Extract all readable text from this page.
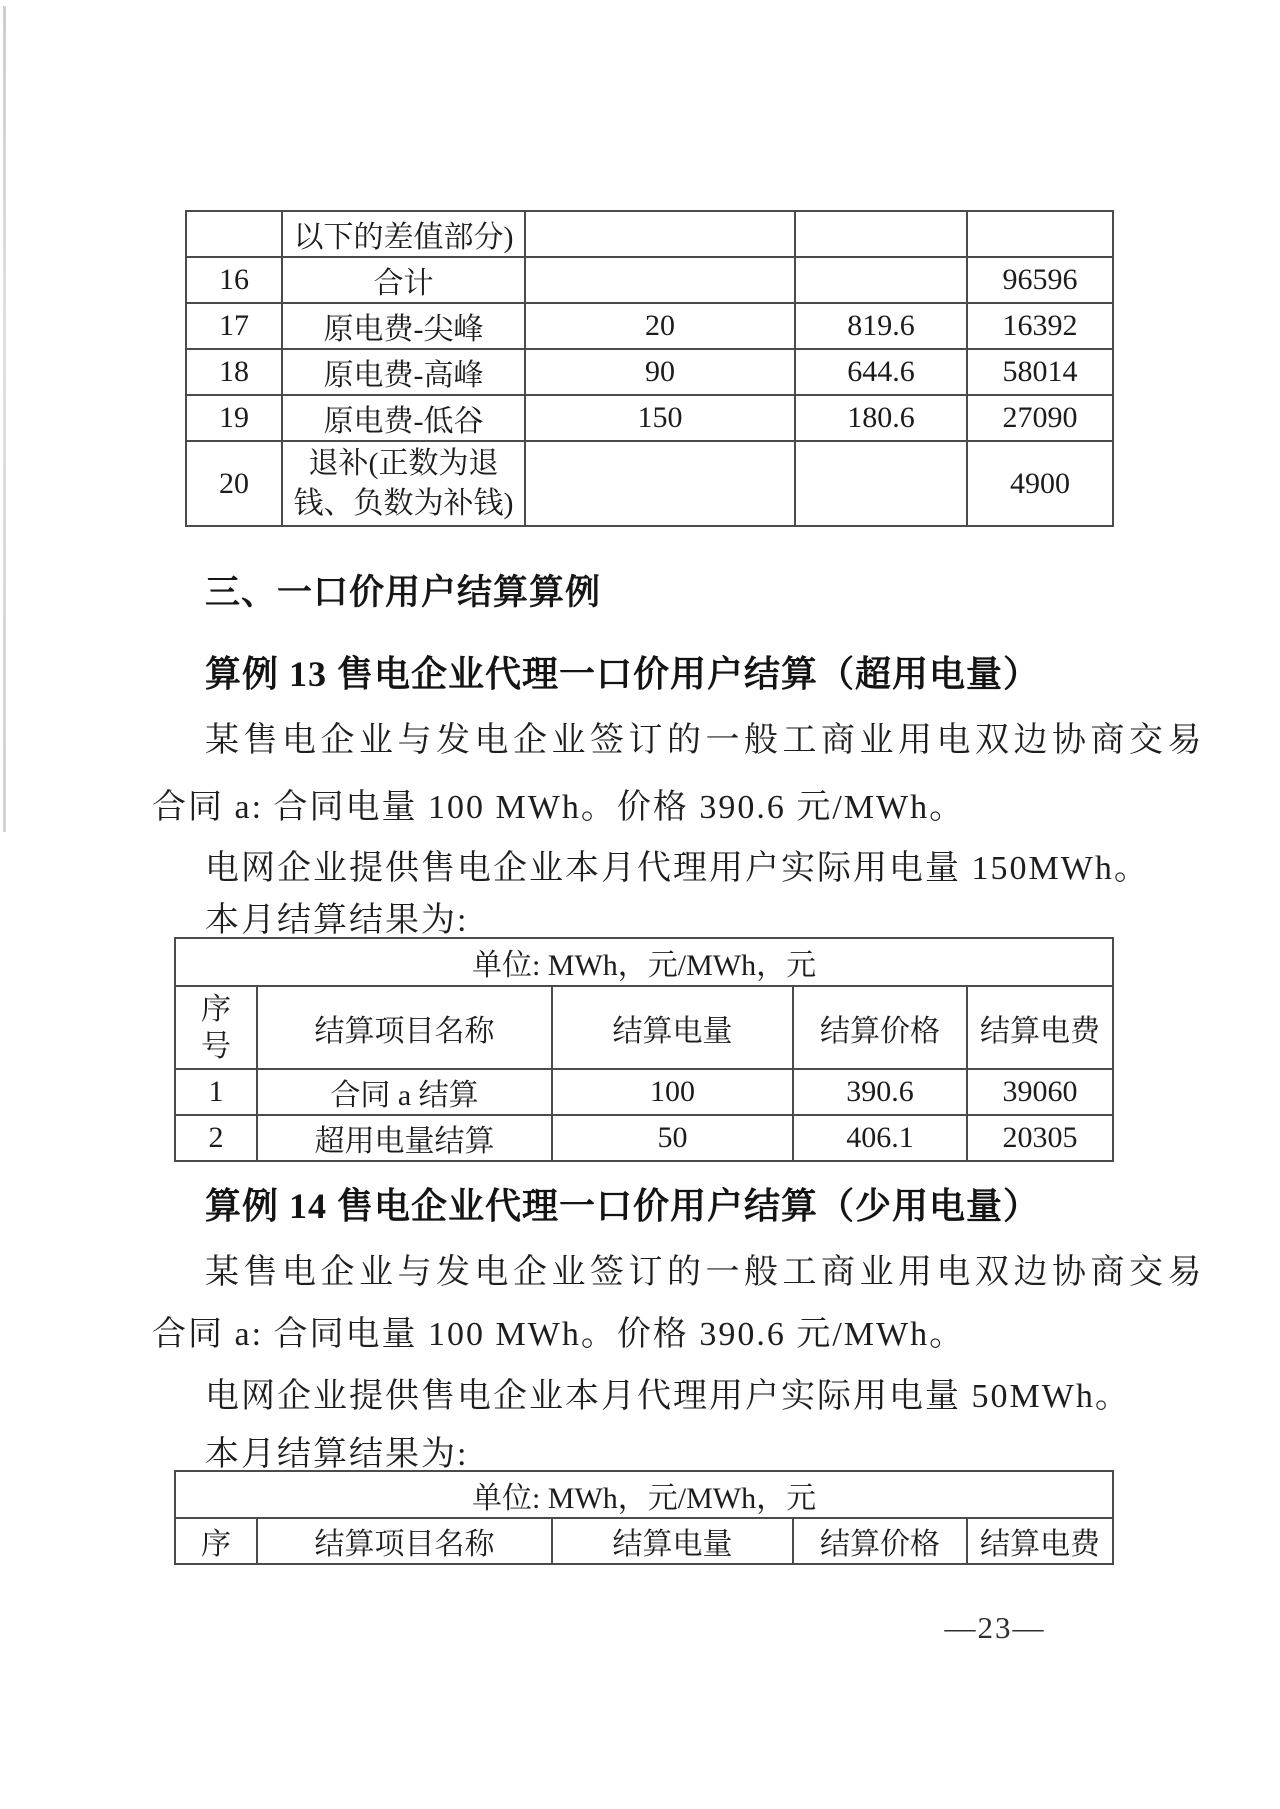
	以下的差值部分)			
16	合计			96596
17	原电费-尖峰	20	819.6	16392
18	原电费-高峰	90	644.6	58014
19	原电费-低谷	150	180.6	27090
20	退补(正数为退
钱、负数为补钱)			4900
三、一口价用户结算算例
算例 13 售电企业代理一口价用户结算（超用电量）
某售电企业与发电企业签订的一般工商业用电双边协商交易
合同 a: 合同电量 100 MWh。价格 390.6 元/MWh。
电网企业提供售电企业本月代理用户实际用电量 150MWh。
本月结算结果为:
单位: MWh，元/MWh，元				

序
号	结算项目名称	结算电量	结算价格	结算电费
1	合同 a 结算	100	390.6	39060
2	超用电量结算	50	406.1	20305
算例 14 售电企业代理一口价用户结算（少用电量）
某售电企业与发电企业签订的一般工商业用电双边协商交易
合同 a: 合同电量 100 MWh。价格 390.6 元/MWh。
电网企业提供售电企业本月代理用户实际用电量 50MWh。
本月结算结果为:
单位: MWh，元/MWh，元
序	结算项目名称	结算电量	结算价格	结算电费
—23—
